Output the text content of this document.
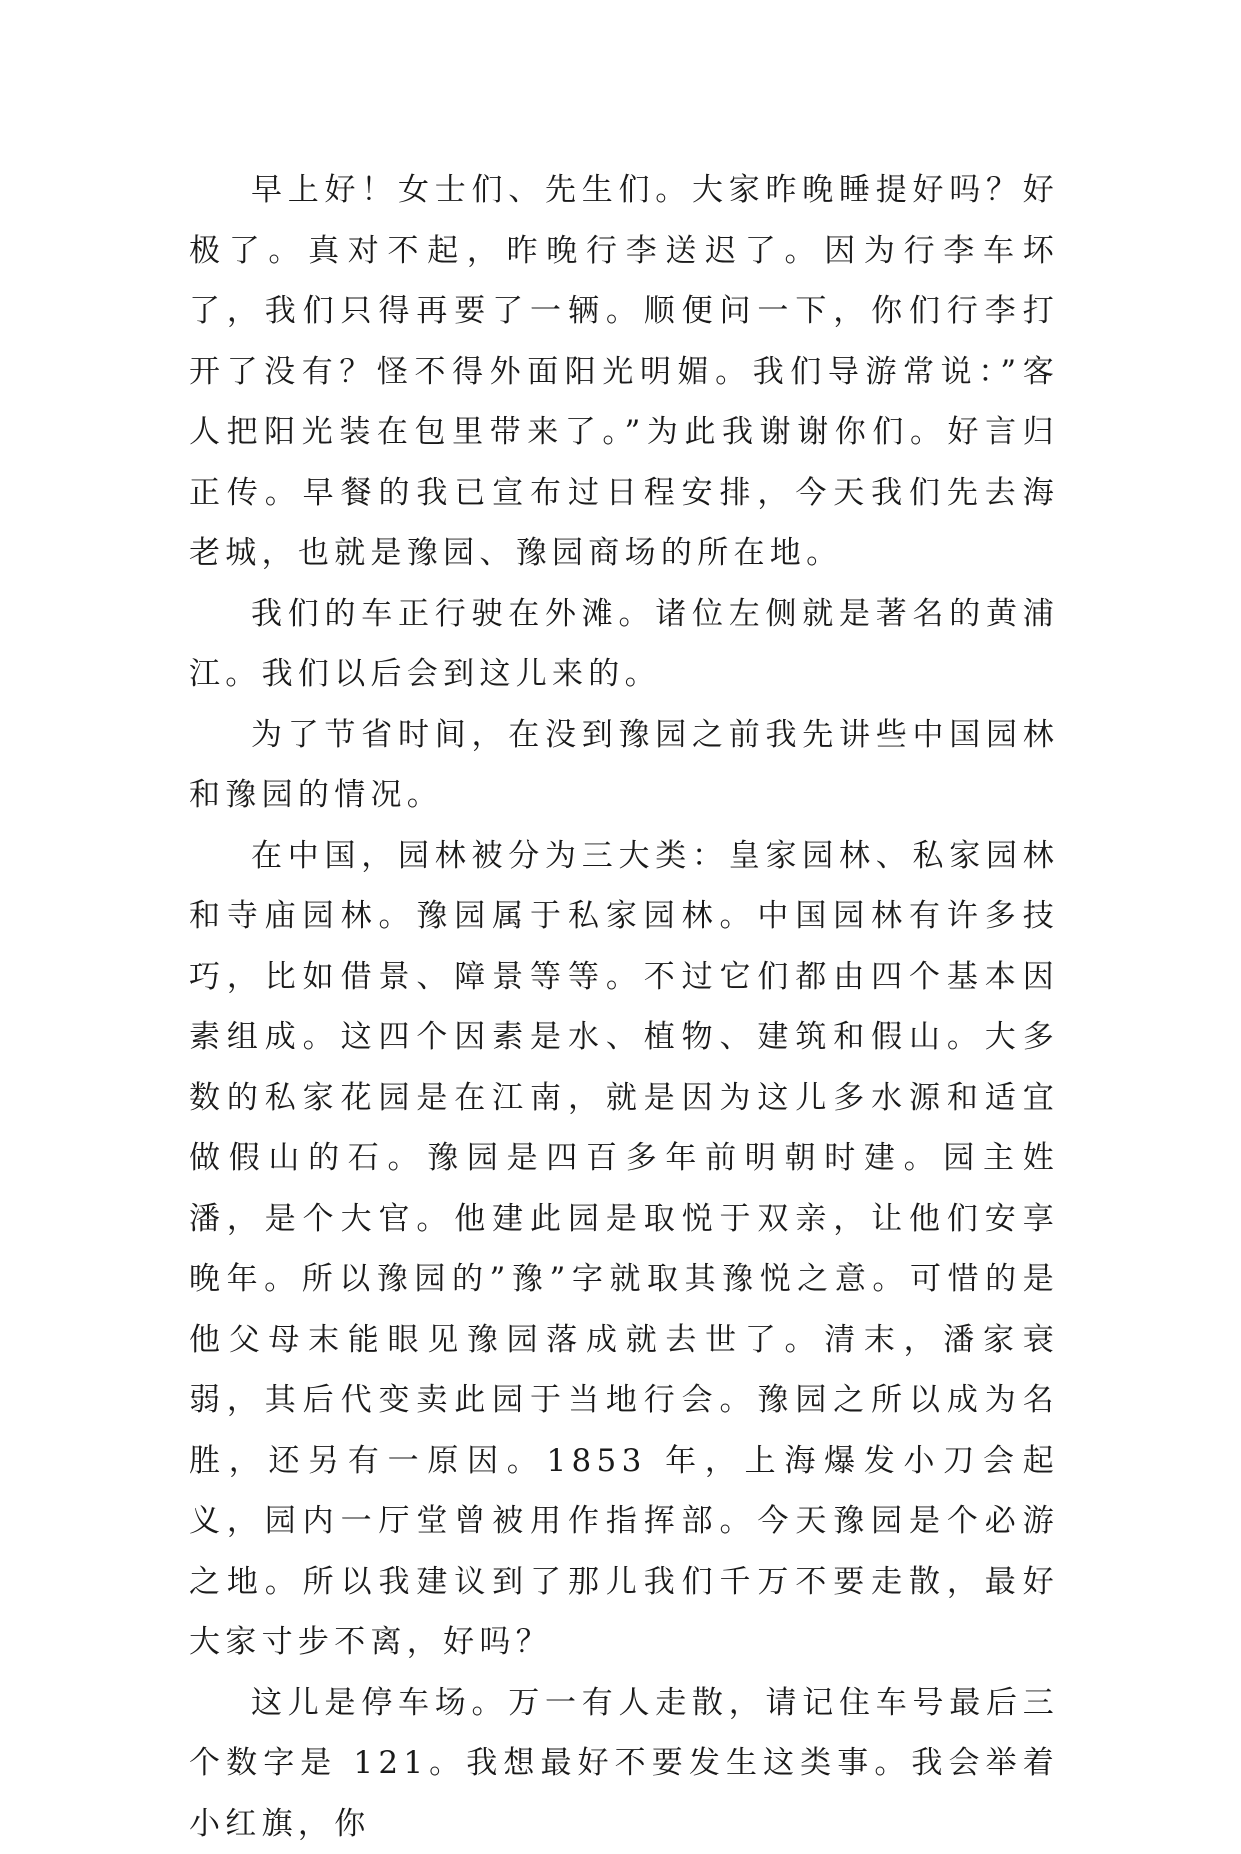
早上好！女士们、先生们。大家昨晚睡提好吗？好极了。真对不起，昨晚行李送迟了。因为行李车坏了，我们只得再要了一辆。顺便问一下，你们行李打开了没有？怪不得外面阳光明媚。我们导游常说：”客人把阳光装在包里带来了。”为此我谢谢你们。好言归正传。早餐的我已宣布过日程安排，今天我们先去海老城，也就是豫园、豫园商场的所在地。

我们的车正行驶在外滩。诸位左侧就是著名的黄浦江。我们以后会到这儿来的。

为了节省时间，在没到豫园之前我先讲些中国园林和豫园的情况。

在中国，园林被分为三大类：皇家园林、私家园林和寺庙园林。豫园属于私家园林。中国园林有许多技巧，比如借景、障景等等。不过它们都由四个基本因素组成。这四个因素是水、植物、建筑和假山。大多数的私家花园是在江南，就是因为这儿多水源和适宜做假山的石。豫园是四百多年前明朝时建。园主姓潘，是个大官。他建此园是取悦于双亲，让他们安享晚年。所以豫园的”豫”字就取其豫悦之意。可惜的是他父母末能眼见豫园落成就去世了。清末，潘家衰弱，其后代变卖此园于当地行会。豫园之所以成为名胜，还另有一原因。1853 年，上海爆发小刀会起义，园内一厅堂曾被用作指挥部。今天豫园是个必游之地。所以我建议到了那儿我们千万不要走散，最好大家寸步不离，好吗？

这儿是停车场。万一有人走散，请记住车号最后三个数字是 121。我想最好不要发生这类事。我会举着小红旗，你
